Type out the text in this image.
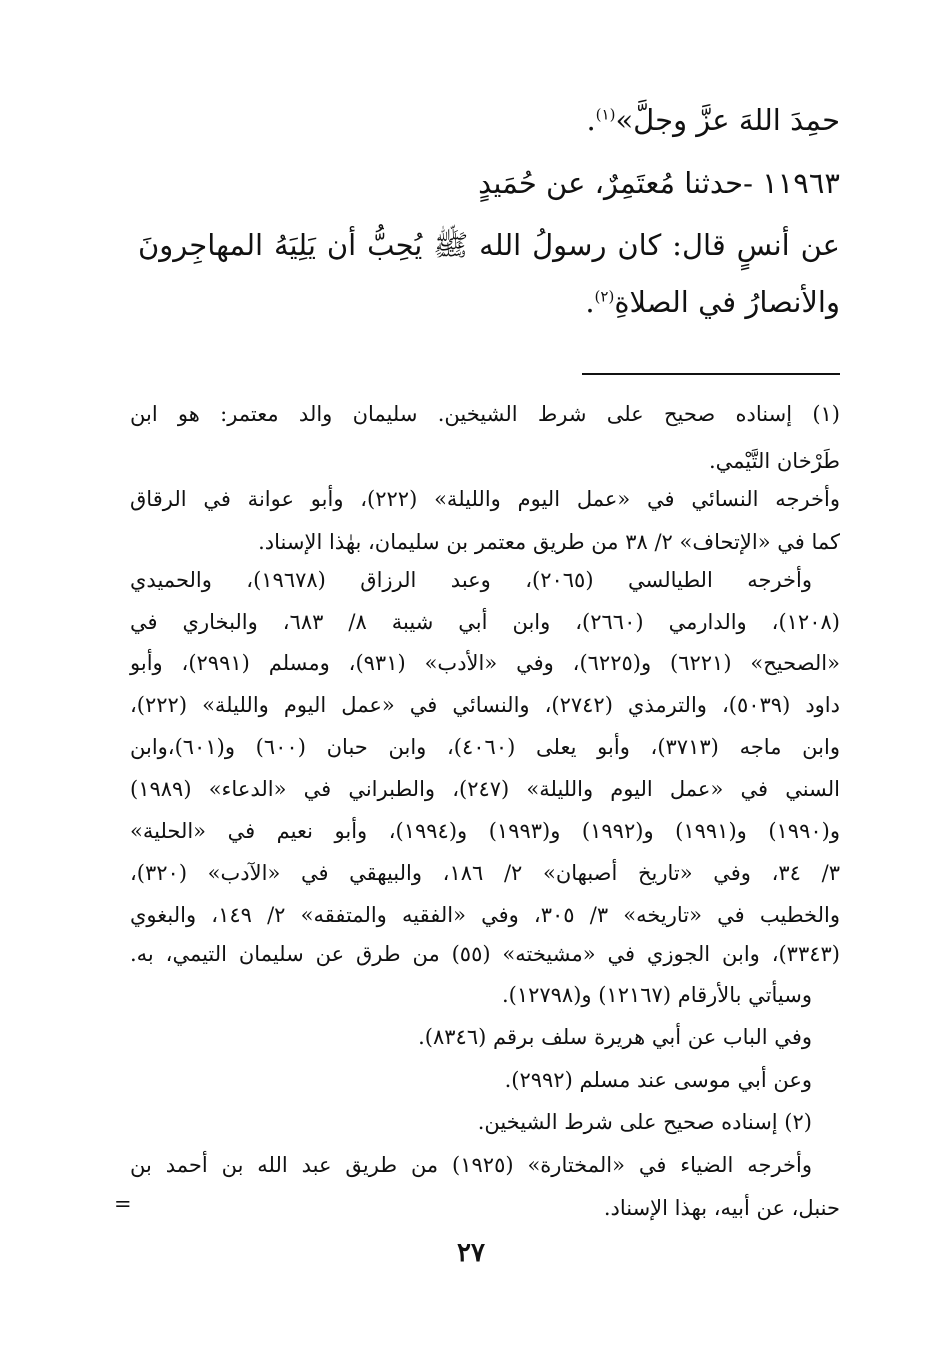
حمِدَ اللهَ عزَّ وجلَّ»$^{(١)}$.
١١٩٦٣ -حدثنا مُعتَمِرٌ، عن حُمَيدٍ
عن أنسٍ قال: كان رسولُ الله ﷺ يُحِبُّ أن يَلِيَهُ المهاجِرونَ
والأنصارُ في الصلاةِ$^{(٢)}$.
(١) إسناده صحيح على شرط الشيخين. سليمان والد معتمر: هو ابن
طَرْخان التَّيْمي.
وأخرجه النسائي في «عمل اليوم والليلة» (٢٢٢)، وأبو عوانة في الرقاق
كما في «الإتحاف» ٢/ ٣٨ من طريق معتمر بن سليمان، بهٰذا الإسناد.
وأخرجه الطيالسي (٢٠٦٥)، وعبد الرزاق (١٩٦٧٨)، والحميدي
(١٢٠٨)، والدارمي (٢٦٦٠)، وابن أبي شيبة ٨/ ٦٨٣، والبخاري في
«الصحيح» (٦٢٢١) و(٦٢٢٥)، وفي «الأدب» (٩٣١)، ومسلم (٢٩٩١)، وأبو
داود (٥٠٣٩)، والترمذي (٢٧٤٢)، والنسائي في «عمل اليوم والليلة» (٢٢٢)،
وابن ماجه (٣٧١٣)، وأبو يعلى (٤٠٦٠)، وابن حبان (٦٠٠) و(٦٠١)،وابن
السني في «عمل اليوم والليلة» (٢٤٧)، والطبراني في «الدعاء» (١٩٨٩)
و(١٩٩٠) و(١٩٩١) و(١٩٩٢) و(١٩٩٣) و(١٩٩٤)، وأبو نعيم في «الحلية»
٣/ ٣٤، وفي «تاريخ أصبهان» ٢/ ١٨٦، والبيهقي في «الآدب» (٣٢٠)،
والخطيب في «تاريخه» ٣/ ٣٠٥، وفي «الفقيه والمتفقه» ٢/ ١٤٩، والبغوي
(٣٣٤٣)، وابن الجوزي في «مشيخته» (٥٥) من طرق عن سليمان التيمي، به.
وسيأتي بالأرقام (١٢١٦٧) و(١٢٧٩٨).
وفي الباب عن أبي هريرة سلف برقم (٨٣٤٦).
وعن أبي موسى عند مسلم (٢٩٩٢).
(٢) إسناده صحيح على شرط الشيخين.
وأخرجه الضياء في «المختارة» (١٩٢٥) من طريق عبد الله بن أحمد بن
حنبل، عن أبيه، بهذا الإسناد.
=
٢٧
